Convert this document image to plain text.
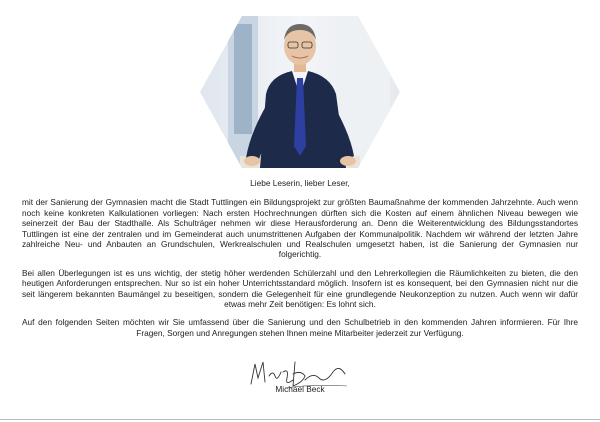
Liebe Leserin, lieber Leser,

mit der Sanierung der Gymnasien macht die Stadt Tuttlingen ein Bildungsprojekt zur größten Baumaßnahme der kommenden Jahrzehnte. Auch wenn noch keine konkreten Kalkulationen vorliegen: Nach ersten Hochrechnungen dürften sich die Kosten auf einem ähnlichen Niveau bewegen wie seinerzeit der Bau der Stadthalle. Als Schulträger nehmen wir diese Herausforderung an. Denn die Weiterentwicklung des Bildungsstandortes Tuttlingen ist eine der zentralen und im Gemeinderat auch unumstrittenen Aufgaben der Kommunalpolitik. Nachdem wir während der letzten Jahre zahlreiche Neu- und Anbauten an Grundschulen, Werkrealschulen und Realschulen umgesetzt haben, ist die Sanierung der Gymnasien nur folgerichtig.

Bei allen Überlegungen ist es uns wichtig, der stetig höher werdenden Schülerzahl und den Lehrerkollegien die Räumlichkeiten zu bieten, die den heutigen Anforderungen entsprechen. Nur so ist ein hoher Unterrichtsstandard möglich. Insofern ist es konsequent, bei den Gymnasien nicht nur die seit längerem bekannten Baumängel zu beseitigen, sondern die Gelegenheit für eine grundlegende Neukonzeption zu nutzen. Auch wenn wir dafür etwas mehr Zeit benötigen: Es lohnt sich.

Auf den folgenden Seiten möchten wir Sie umfassend über die Sanierung und den Schulbetrieb in den kommenden Jahren informieren. Für Ihre Fragen, Sorgen und Anregungen stehen Ihnen meine Mitarbeiter jederzeit zur Verfügung.

Michael Beck
